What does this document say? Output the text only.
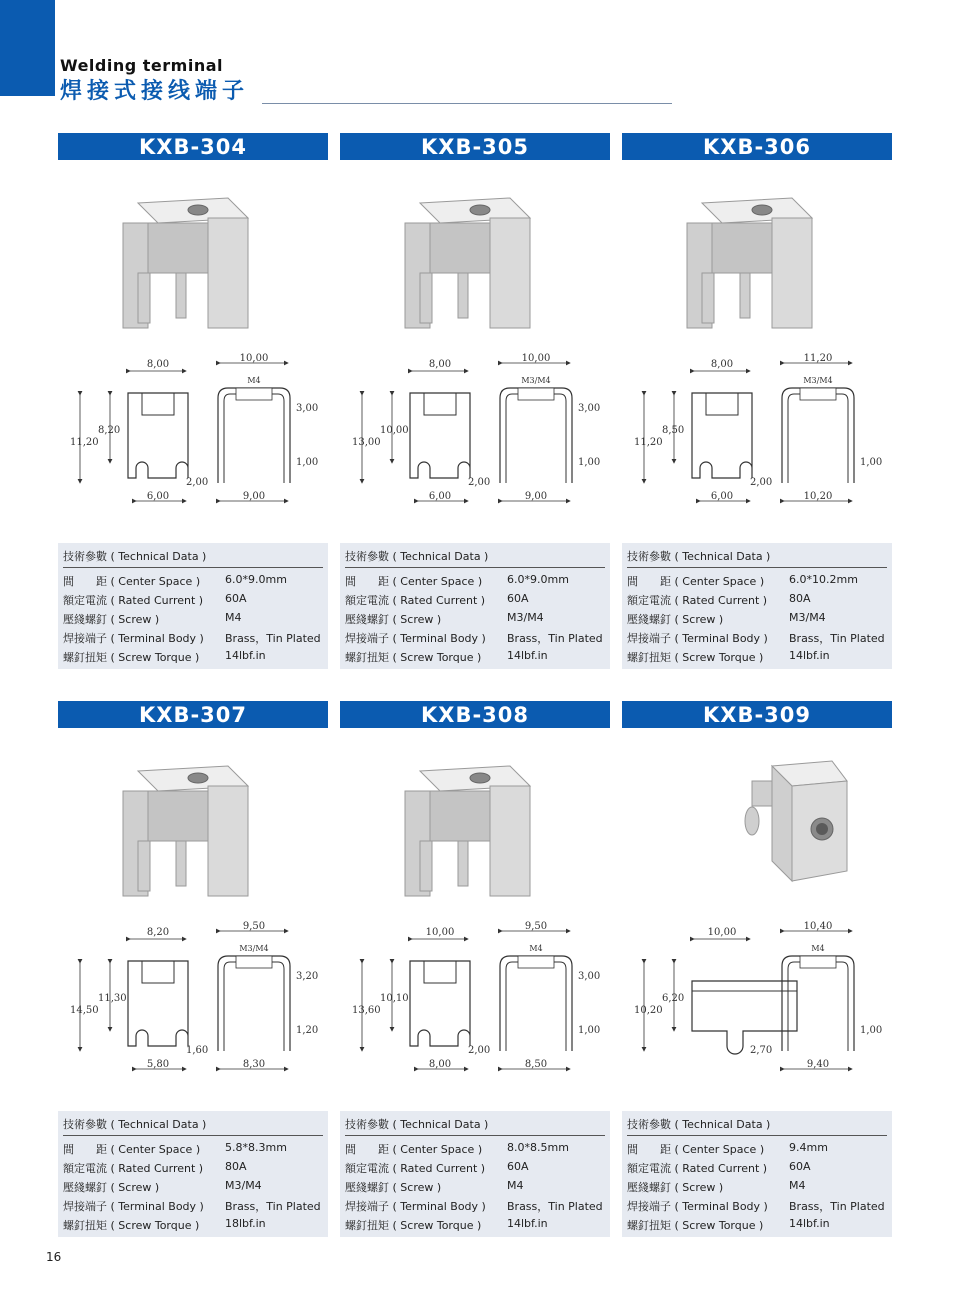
Welding terminal
焊接式接线端子
KXB-304
8,00
11,20
8,20
2,00
6,00
M4
10,00
3,00
1,00
9,00
技術參數 ( Technical Data )
間　　距 ( Center Space ) 6.0*9.0mm
額定電流 ( Rated Current ) 60A
壓綫螺釘 ( Screw )	M4
焊接端子 ( Terminal Body ) Brass，Tin Plated
螺釘扭矩 ( Screw Torque ) 14lbf.in
KXB-305
8,00
13,00
10,00
2,00
6,00
M3/M4
10,00
3,00
1,00
9,00
技術參數 ( Technical Data )
間　　距 ( Center Space ) 6.0*9.0mm
額定電流 ( Rated Current ) 60A
壓綫螺釘 ( Screw )	M3/M4
焊接端子 ( Terminal Body ) Brass，Tin Plated
螺釘扭矩 ( Screw Torque ) 14lbf.in
KXB-306
8,00
11,20
8,50
2,00
6,00
M3/M4
11,20
1,00
10,20
技術參數 ( Technical Data )
間　　距 ( Center Space ) 6.0*10.2mm
額定電流 ( Rated Current ) 80A
壓綫螺釘 ( Screw )	M3/M4
焊接端子 ( Terminal Body ) Brass，Tin Plated
螺釘扭矩 ( Screw Torque ) 14lbf.in
KXB-307
8,20
14,50
11,30
1,60
5,80
M3/M4
9,50
3,20
1,20
8,30
技術參數 ( Technical Data )
間　　距 ( Center Space ) 5.8*8.3mm
額定電流 ( Rated Current ) 80A
壓綫螺釘 ( Screw )	M3/M4
焊接端子 ( Terminal Body ) Brass，Tin Plated
螺釘扭矩 ( Screw Torque ) 18lbf.in
KXB-308
10,00
13,60
10,10
2,00
8,00
M4
9,50
3,00
1,00
8,50
技術參數 ( Technical Data )
間　　距 ( Center Space ) 8.0*8.5mm
額定電流 ( Rated Current ) 60A
壓綫螺釘 ( Screw )	M4
焊接端子 ( Terminal Body ) Brass，Tin Plated
螺釘扭矩 ( Screw Torque ) 14lbf.in
KXB-309
10,00
10,20
6,20
2,70
M4
10,40
1,00
9,40
技術參數 ( Technical Data )
間　　距 ( Center Space ) 9.4mm
額定電流 ( Rated Current ) 60A
壓綫螺釘 ( Screw )	M4
焊接端子 ( Terminal Body ) Brass，Tin Plated
螺釘扭矩 ( Screw Torque ) 14lbf.in
16
